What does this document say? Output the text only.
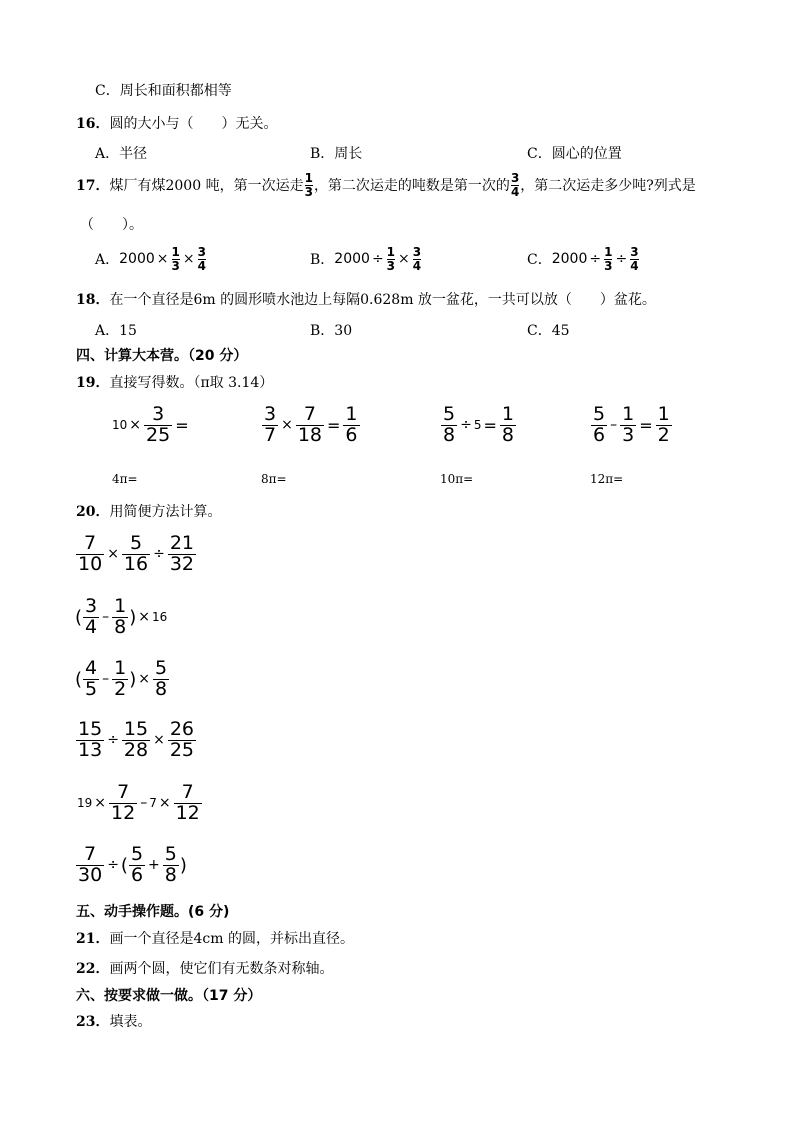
C．周长和面积都相等
16．圆的大小与（　　）无关。
A．半径	B．周长	C．圆心的位置
17． 煤厂有煤2000 吨，第一次运走 $\frac{1}{3}$ ，第二次运走的吨数是第一次的 $\frac{3}{4}$ ，第二次运走多少吨?列式是
（　　）。
A． $2000 \times \frac{1}{3} \times \frac{3}{4}$	B． $2000 \div \frac{1}{3} \times \frac{3}{4}$	C． $2000 \div \frac{1}{3} \div \frac{3}{4}$
18．在一个直径是6m 的圆形喷水池边上每隔0.628m 放一盆花，一共可以放（　　）盆花。
A．15	B．30	C．45
四、计算大本营。（20 分）
19．直接写得数。（π取 3.14）
$10 \times \frac{3}{25}$ =	$\frac{3}{7} \times \frac{7}{18} = \frac{1}{6}$	$\frac{5}{8} \div 5 = \frac{1}{8}$	$\frac{5}{6} - \frac{1}{3} = \frac{1}{2}$
4π=	8π=	10π=	12π=
20．用简便方法计算。
$\frac{7}{10} \times \frac{5}{16} \div \frac{21}{32}$
( $\frac{3}{4} - \frac{1}{8}$ ) × 16
( $\frac{4}{5} - \frac{1}{2}$ ) × $\frac{5}{8}$
$\frac{15}{13} \div \frac{15}{28} \times \frac{26}{25}$
$19 \times \frac{7}{12} - 7 \times \frac{7}{12}$
$\frac{7}{30}$ ÷ ( $\frac{5}{6} + \frac{5}{8}$ )
五、动手操作题。(6 分)
21．画一个直径是4cm 的圆，并标出直径。
22．画两个圆，使它们有无数条对称轴。
六、按要求做一做。（17 分）
23．填表。
